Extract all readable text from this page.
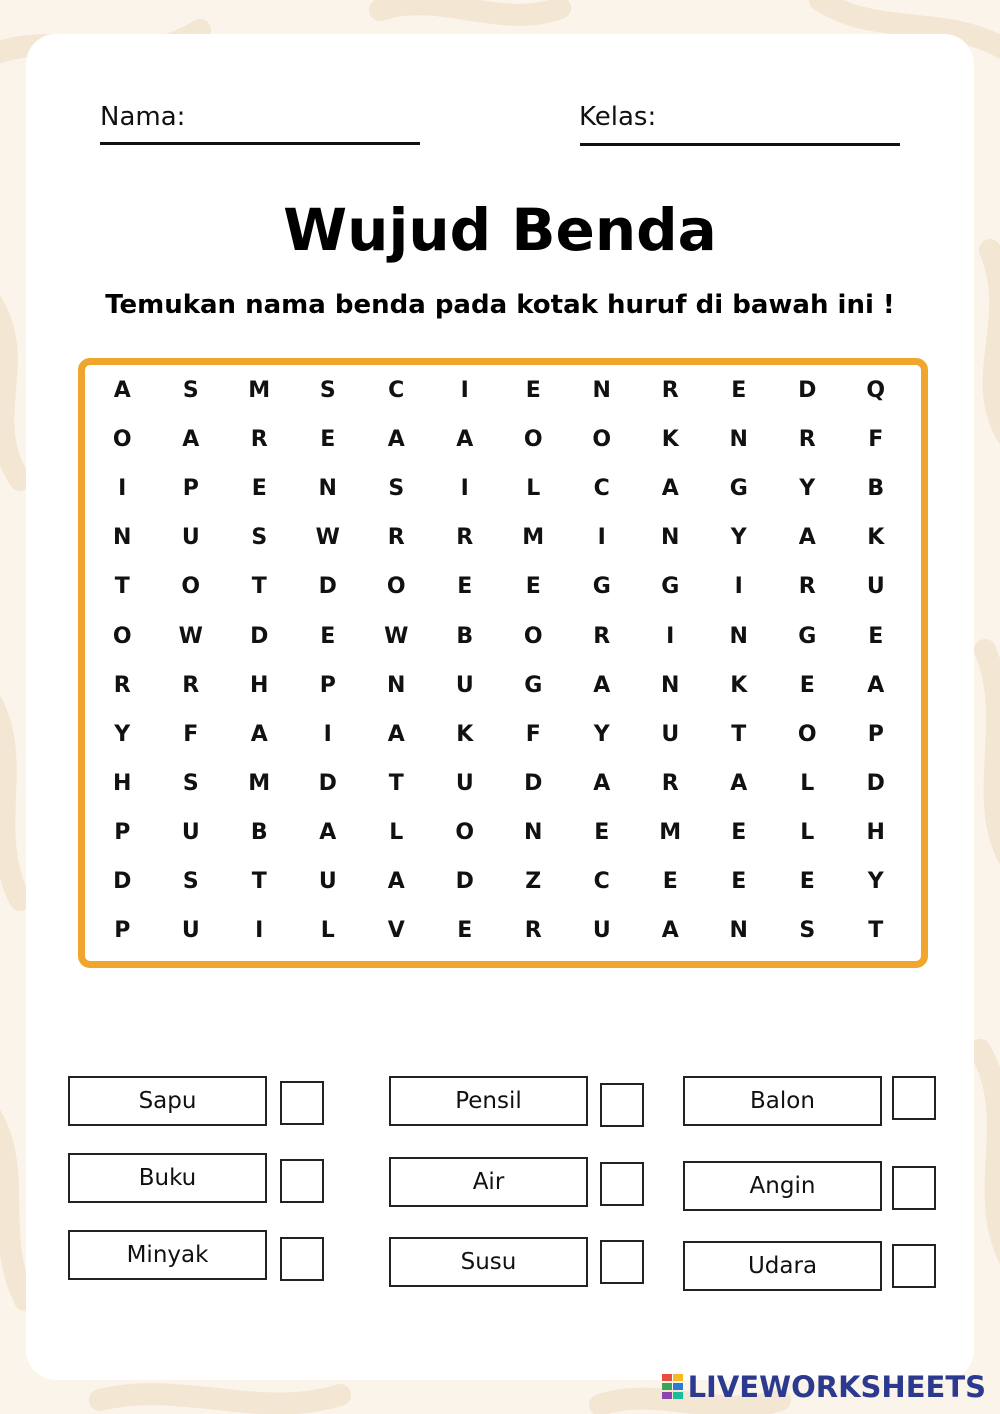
Nama:	Kelas:
Wujud Benda
Temukan nama benda pada kotak huruf di bawah ini !
A	S	M	S	C	I	E	N	R	E	D	Q
O	A	R	E	A	A	O	O	K	N	R	F
I	P	E	N	S	I	L	C	A	G	Y	B
N	U	S	W	R	R	M	I	N	Y	A	K
T	O	T	D	O	E	E	G	G	I	R	U
O	W	D	E	W	B	O	R	I	N	G	E
R	R	H	P	N	U	G	A	N	K	E	A
Y	F	A	I	A	K	F	Y	U	T	O	P
H	S	M	D	T	U	D	A	R	A	L	D
P	U	B	A	L	O	N	E	M	E	L	H
D	S	T	U	A	D	Z	C	E	E	E	Y
P	U	I	L	V	E	R	U	A	N	S	T
Sapu
Buku
Minyak
Pensil
Air
Susu
Balon
Angin
Udara
LIVEWORKSHEETS
